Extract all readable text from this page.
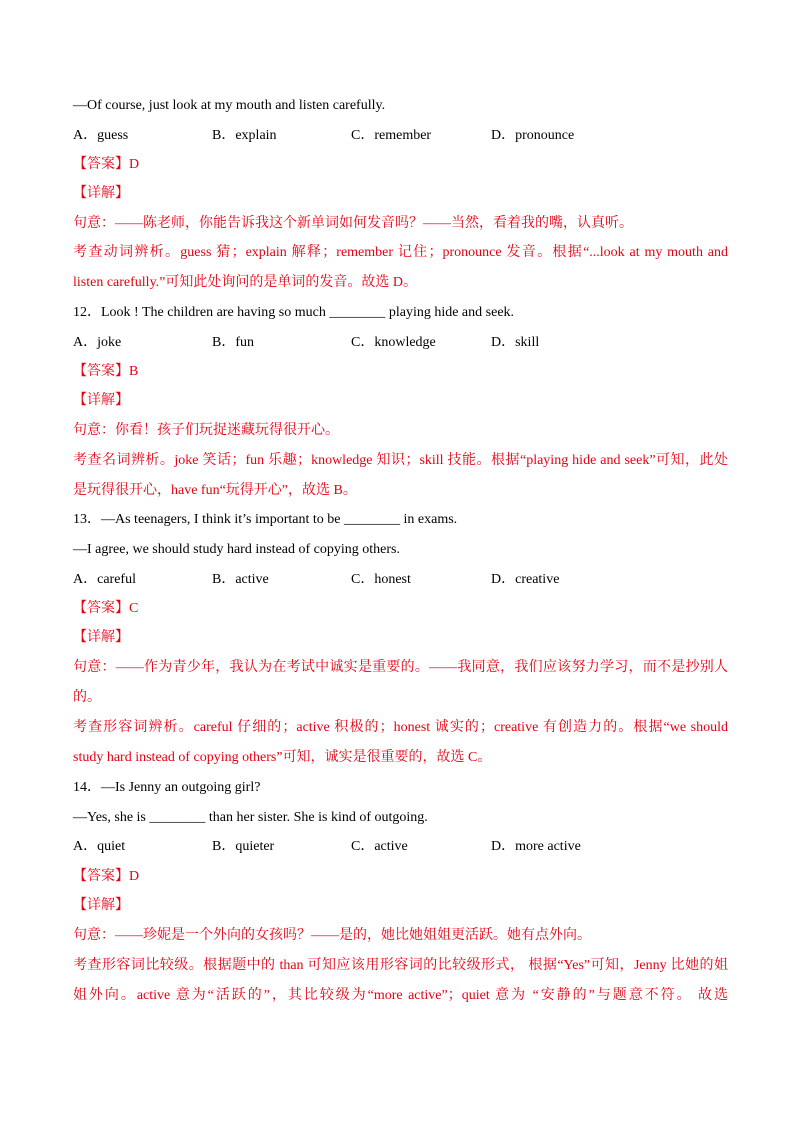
—Of course, just look at my mouth and listen carefully.
A．guess	B．explain	C．remember	D．pronounce
【答案】D
【详解】
句意：——陈老师，你能告诉我这个新单词如何发音吗？——当然，看着我的嘴，认真听。
考查动词辨析。guess 猜；explain 解释；remember 记住；pronounce 发音。根据“...look at my mouth and
listen carefully.”可知此处询问的是单词的发音。故选 D。
12．Look ! The children are having so much ________ playing hide and seek.
A．joke	B．fun	C．knowledge	D．skill
【答案】B
【详解】
句意：你看！孩子们玩捉迷藏玩得很开心。
考查名词辨析。joke 笑话；fun 乐趣；knowledge 知识；skill 技能。根据“playing hide and seek”可知，此处
是玩得很开心，have fun“玩得开心”，故选 B。
13．—As teenagers, I think it’s important to be ________ in exams.
—I agree, we should study hard instead of copying others.
A．careful	B．active	C．honest	D．creative
【答案】C
【详解】
句意：——作为青少年，我认为在考试中诚实是重要的。——我同意，我们应该努力学习，而不是抄别人
的。
考查形容词辨析。careful 仔细的；active 积极的；honest 诚实的；creative 有创造力的。根据“we should
study hard instead of copying others”可知，诚实是很重要的，故选 C。
14．—Is Jenny an outgoing girl?
—Yes, she is ________ than her sister. She is kind of outgoing.
A．quiet	B．quieter	C．active	D．more active
【答案】D
【详解】
句意：——珍妮是一个外向的女孩吗？——是的，她比她姐姐更活跃。她有点外向。
考查形容词比较级。根据题中的 than 可知应该用形容词的比较级形式， 根据“Yes”可知，Jenny 比她的姐
姐外向。active 意为“活跃的”，其比较级为“more active”；quiet 意为 “安静的”与题意不符。 故选
